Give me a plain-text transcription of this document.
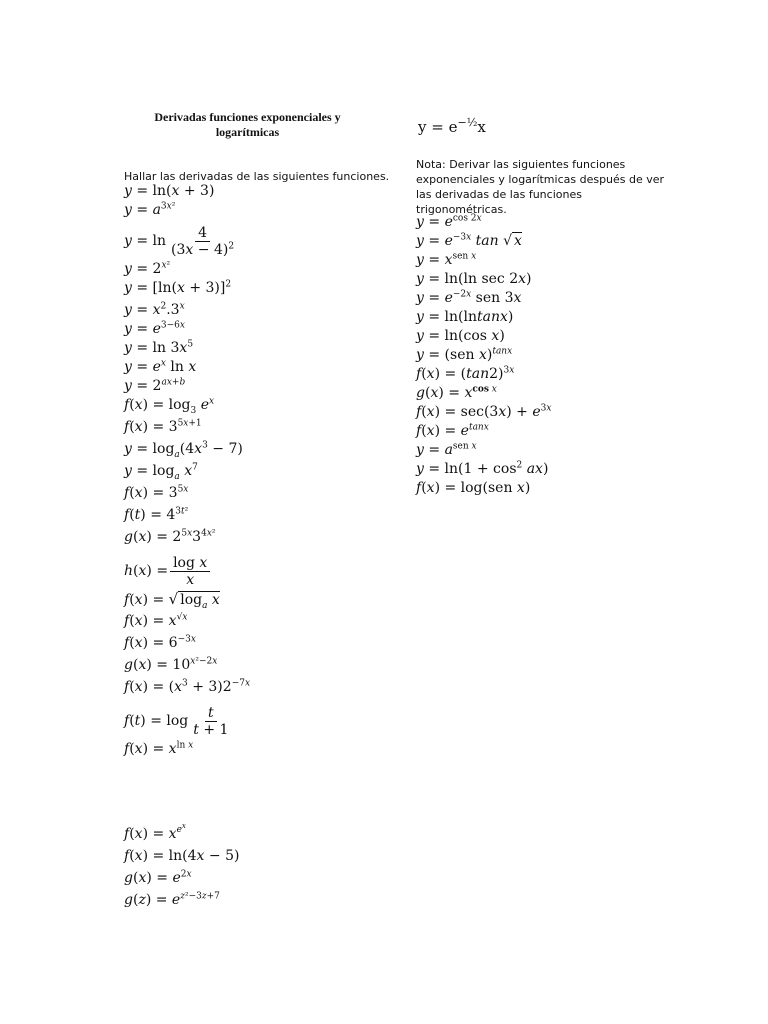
Derivadas funciones exponenciales y logarítmicas

Hallar las derivadas de las siguientes funciones.

$y = e^{-\frac{1}{2}}x$

Nota: Derivar las siguientes funciones exponenciales y logarítmicas después de ver las derivadas de las funciones trigonométricas.

y = ln(x + 3)
$y = a^{3x^2}$
$y = \ln \frac{4}{(3x - 4)^2}$
$y = 2^{x^2}$
$y = [\ln(x + 3)]^2$
$y = x^2.3^x$
$y = e^{3-6x}$
$y = \ln 3x^5$
$y = e^x$ ln x
$y = 2^{ax+b}$
$f(x) = \log_3 e^x$
$f(x) = 3^{5x+1}$
$y = \log_a(4x^3 - 7)$
$y = \log_a x^7$
$f(x) = 3^{5x}$
$f(t) = 4^{3t^2}$
$g(x) = 2^{5x}3^{4x^2}$
$h(x) = \frac{\text{log x}}{x}$
f(x) = √ $\log_a x$
$f(x) = x^{√x}$
$f(x) = 6^{-3x}$
$g(x) = 10^{x^2-2x}$
$f(x) = (x^3 + 3)2^{-7x}$
$f(t) = \log \frac{t}{t + 1}$
$f(x) = x^{ln x}$
$f(x) = x^{e^x}$
f(x) = ln(4x − 5)
$g(x) = e^{2x}$
$g(z) = e^{z^2-3z+7}$
$y = e^{cos 2x}$
$y = e^{-3x}$ tan √ x
$y = x^{sen x}$
y = ln(ln sec 2x)
$y = e^{-2x}$ sen 3x
y = ln(lntanx)
y = ln(cos x)
y = (sen x)$^{tanx}$
$f(x) = (\tan 2)^{3x}$
$g(x) = x^{cos x}$
$f(x) = \sec(3x) + e^{3x}$
$f(x) = e^{tanx}$
$y = a^{sen x}$
$y = \ln(1 + \cos^2 ax)$
f(x) = log(sen x)
